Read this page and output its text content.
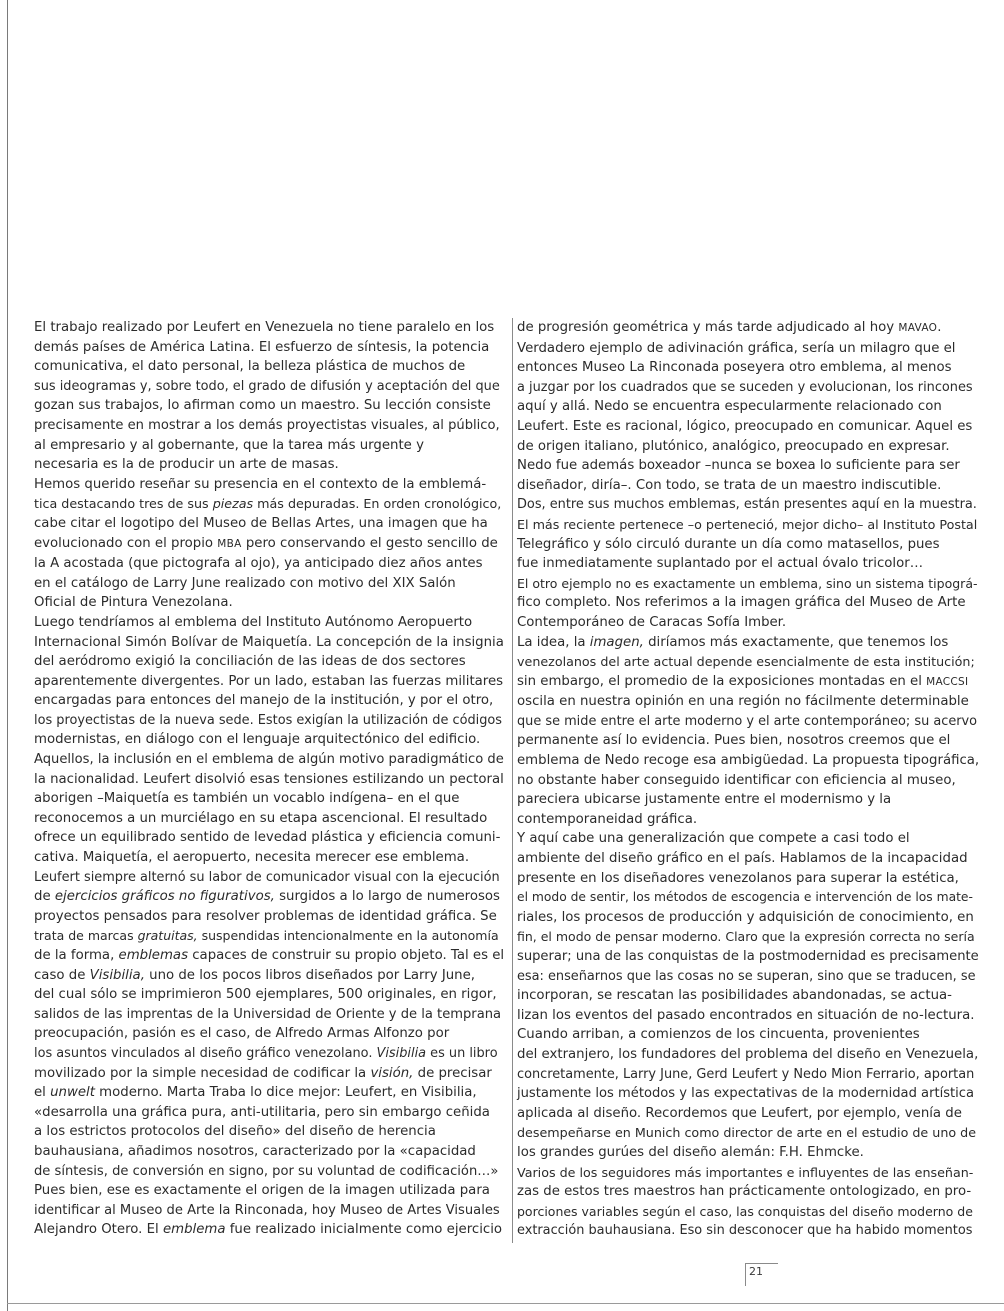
El trabajo realizado por Leufert en Venezuela no tiene paralelo en los
demás países de América Latina. El esfuerzo de síntesis, la potencia
comunicativa, el dato personal, la belleza plástica de muchos de
sus ideogramas y, sobre todo, el grado de difusión y aceptación del que
gozan sus trabajos, lo afirman como un maestro. Su lección consiste
precisamente en mostrar a los demás proyectistas visuales, al público,
al empresario y al gobernante, que la tarea más urgente y
necesaria es la de producir un arte de masas.
Hemos querido reseñar su presencia en el contexto de la emblemá-
tica destacando tres de sus piezas más depuradas. En orden cronológico,
cabe citar el logotipo del Museo de Bellas Artes, una imagen que ha
evolucionado con el propio MBA pero conservando el gesto sencillo de
la A acostada (que pictografa al ojo), ya anticipado diez años antes
en el catálogo de Larry June realizado con motivo del XIX Salón
Oficial de Pintura Venezolana.
Luego tendríamos al emblema del Instituto Autónomo Aeropuerto
Internacional Simón Bolívar de Maiquetía. La concepción de la insignia
del aeródromo exigió la conciliación de las ideas de dos sectores
aparentemente divergentes. Por un lado, estaban las fuerzas militares
encargadas para entonces del manejo de la institución, y por el otro,
los proyectistas de la nueva sede. Estos exigían la utilización de códigos
modernistas, en diálogo con el lenguaje arquitectónico del edificio.
Aquellos, la inclusión en el emblema de algún motivo paradigmático de
la nacionalidad. Leufert disolvió esas tensiones estilizando un pectoral
aborigen –Maiquetía es también un vocablo indígena– en el que
reconocemos a un murciélago en su etapa ascencional. El resultado
ofrece un equilibrado sentido de levedad plástica y eficiencia comuni-
cativa. Maiquetía, el aeropuerto, necesita merecer ese emblema.
Leufert siempre alternó su labor de comunicador visual con la ejecución
de ejercicios gráficos no figurativos, surgidos a lo largo de numerosos
proyectos pensados para resolver problemas de identidad gráfica. Se
trata de marcas gratuitas, suspendidas intencionalmente en la autonomía
de la forma, emblemas capaces de construir su propio objeto. Tal es el
caso de Visibilia, uno de los pocos libros diseñados por Larry June,
del cual sólo se imprimieron 500 ejemplares, 500 originales, en rigor,
salidos de las imprentas de la Universidad de Oriente y de la temprana
preocupación, pasión es el caso, de Alfredo Armas Alfonzo por
los asuntos vinculados al diseño gráfico venezolano. Visibilia es un libro
movilizado por la simple necesidad de codificar la visión, de precisar
el unwelt moderno. Marta Traba lo dice mejor: Leufert, en Visibilia,
«desarrolla una gráfica pura, anti-utilitaria, pero sin embargo ceñida
a los estrictos protocolos del diseño» del diseño de herencia
bauhausiana, añadimos nosotros, caracterizado por la «capacidad
de síntesis, de conversión en signo, por su voluntad de codificación…»
Pues bien, ese es exactamente el origen de la imagen utilizada para
identificar al Museo de Arte la Rinconada, hoy Museo de Artes Visuales
Alejandro Otero. El emblema fue realizado inicialmente como ejercicio
de progresión geométrica y más tarde adjudicado al hoy MAVAO.
Verdadero ejemplo de adivinación gráfica, sería un milagro que el
entonces Museo La Rinconada poseyera otro emblema, al menos
a juzgar por los cuadrados que se suceden y evolucionan, los rincones
aquí y allá. Nedo se encuentra especularmente relacionado con
Leufert. Este es racional, lógico, preocupado en comunicar. Aquel es
de origen italiano, plutónico, analógico, preocupado en expresar.
Nedo fue además boxeador –nunca se boxea lo suficiente para ser
diseñador, diría–. Con todo, se trata de un maestro indiscutible.
Dos, entre sus muchos emblemas, están presentes aquí en la muestra.
El más reciente pertenece –o perteneció, mejor dicho– al Instituto Postal
Telegráfico y sólo circuló durante un día como matasellos, pues
fue inmediatamente suplantado por el actual óvalo tricolor…
El otro ejemplo no es exactamente un emblema, sino un sistema tipográ-
fico completo. Nos referimos a la imagen gráfica del Museo de Arte
Contemporáneo de Caracas Sofía Imber.
La idea, la imagen, diríamos más exactamente, que tenemos los
venezolanos del arte actual depende esencialmente de esta institución;
sin embargo, el promedio de la exposiciones montadas en el MACCSI
oscila en nuestra opinión en una región no fácilmente determinable
que se mide entre el arte moderno y el arte contemporáneo; su acervo
permanente así lo evidencia. Pues bien, nosotros creemos que el
emblema de Nedo recoge esa ambigüedad. La propuesta tipográfica,
no obstante haber conseguido identificar con eficiencia al museo,
pareciera ubicarse justamente entre el modernismo y la
contemporaneidad gráfica.
Y aquí cabe una generalización que compete a casi todo el
ambiente del diseño gráfico en el país. Hablamos de la incapacidad
presente en los diseñadores venezolanos para superar la estética,
el modo de sentir, los métodos de escogencia e intervención de los mate-
riales, los procesos de producción y adquisición de conocimiento, en
fin, el modo de pensar moderno. Claro que la expresión correcta no sería
superar; una de las conquistas de la postmodernidad es precisamente
esa: enseñarnos que las cosas no se superan, sino que se traducen, se
incorporan, se rescatan las posibilidades abandonadas, se actua-
lizan los eventos del pasado encontrados en situación de no-lectura.
Cuando arriban, a comienzos de los cincuenta, provenientes
del extranjero, los fundadores del problema del diseño en Venezuela,
concretamente, Larry June, Gerd Leufert y Nedo Mion Ferrario, aportan
justamente los métodos y las expectativas de la modernidad artística
aplicada al diseño. Recordemos que Leufert, por ejemplo, venía de
desempeñarse en Munich como director de arte en el estudio de uno de
los grandes gurúes del diseño alemán: F.H. Ehmcke.
Varios de los seguidores más importantes e influyentes de las enseñan-
zas de estos tres maestros han prácticamente ontologizado, en pro-
porciones variables según el caso, las conquistas del diseño moderno de
extracción bauhausiana. Eso sin desconocer que ha habido momentos
21
